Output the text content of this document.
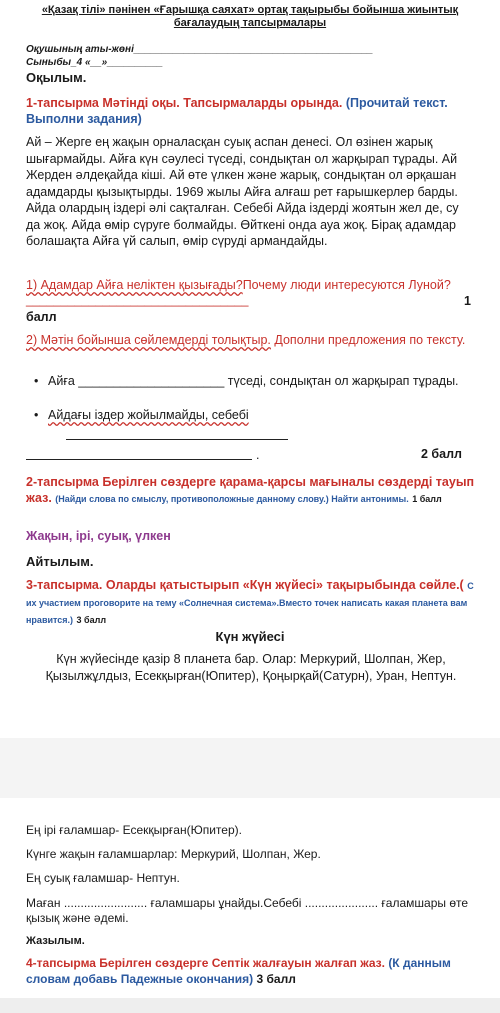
«Қазақ тілі» пәнінен «Ғарышқа саяхат» ортақ тақырыбы бойынша жиынтық бағалаудың тапсырмалары
Оқушының аты-жөні___________________________________________
Сыныбы_4 «__»__________
Оқылым.
1-тапсырма Мәтінді оқы. Тапсырмаларды орында. (Прочитай текст. Выполни задания)
Ай – Жерге ең жақын орналасқан суық аспан денесі. Ол өзінен жарық шығармайды. Айға күн сәулесі түседі, сондықтан ол жарқырап тұрады. Ай Жерден әлдеқайда кіші. Ай өте үлкен және жарық, сондықтан ол әрқашан адамдарды қызықтырды. 1969 жылы Айға алғаш рет ғарышкерлер барды. Айда олардың іздері әлі сақталған. Себебі Айда іздерді жоятын жел де, су да жоқ. Айда өмір сүруге болмайды. Өйткені онда ауа жоқ. Бірақ адамдар болашақта Айға үй салып, өмір сүруді армандайды.
1) Адамдар Айға неліктен қызығады?Почему люди интересуются Луной? ________________________________	1
балл
2) Мәтін бойынша сөйлемдерді толықтыр. Дополни предложения по тексту.
• Айға _____________________ түседі, сондықтан ол жарқырап тұрады.
• Айдағы іздер жойылмайды, себебі
.	2 балл
2-тапсырма Берілген сөздерге қарама-қарсы мағыналы сөздерді тауып жаз. (Найди слова по смыслу, противоположные данному слову.) Найти антонимы. 1 балл
Жақын, ірі, суық, үлкен
Айтылым.
3-тапсырма. Оларды қатыстырып «Күн жүйесі» тақырыбында сөйле.( С их участием проговорите на тему «Солнечная система».Вместо точек написать какая планета вам нравится.) 3 балл
Күн жүйесі
Күн жүйесінде қазір 8 планета бар. Олар: Меркурий, Шолпан, Жер, Қызылжұлдыз, Есекқырған(Юпитер), Қоңырқай(Сатурн), Уран, Нептун.
Ең ірі ғаламшар- Есекқырған(Юпитер).
Күнге жақын ғаламшарлар: Меркурий, Шолпан, Жер.
Ең суық ғаламшар- Нептун.
Маған ......................... ғаламшары ұнайды.Себебі ...................... ғаламшары өте қызық және әдемі.
Жазылым.
4-тапсырма Берілген сөздерге Септік жалғауын жалғап жаз. (К данным словам добавь Падежные окончания) 3 балл
